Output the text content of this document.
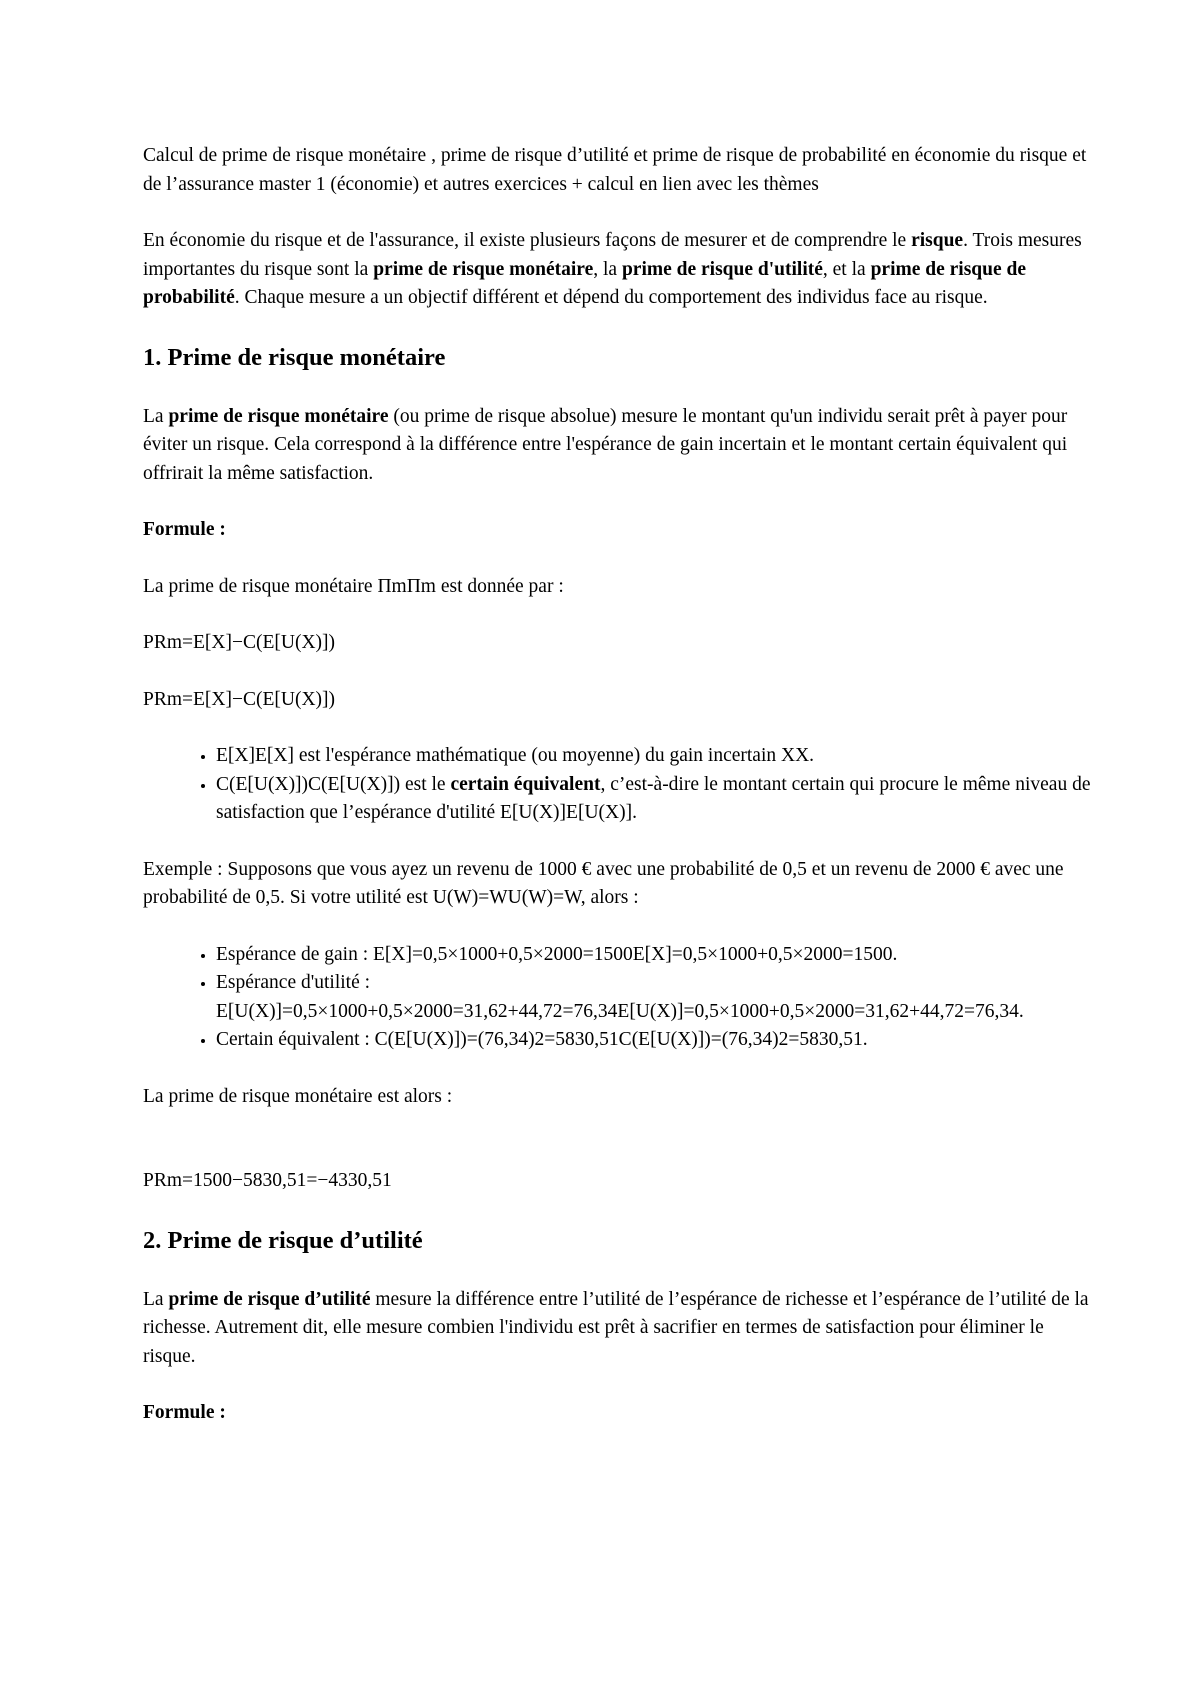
Calcul de prime de risque monétaire , prime de risque d’utilité et prime de risque de probabilité en économie du risque et de l’assurance master 1 (économie) et autres exercices + calcul en lien avec les thèmes

En économie du risque et de l'assurance, il existe plusieurs façons de mesurer et de comprendre le risque. Trois mesures importantes du risque sont la prime de risque monétaire, la prime de risque d'utilité, et la prime de risque de probabilité. Chaque mesure a un objectif différent et dépend du comportement des individus face au risque.

1. Prime de risque monétaire

La prime de risque monétaire (ou prime de risque absolue) mesure le montant qu'un individu serait prêt à payer pour éviter un risque. Cela correspond à la différence entre l'espérance de gain incertain et le montant certain équivalent qui offrirait la même satisfaction.

Formule :

La prime de risque monétaire ΠmΠm est donnée par :

PRm=E[X]−C(E[U(X)])

PRm=E[X]−C(E[U(X)])

• E[X]E[X] est l'espérance mathématique (ou moyenne) du gain incertain XX.
• C(E[U(X)])C(E[U(X)]) est le certain équivalent, c’est-à-dire le montant certain qui procure le même niveau de satisfaction que l’espérance d'utilité E[U(X)]E[U(X)].

Exemple : Supposons que vous ayez un revenu de 1000 € avec une probabilité de 0,5 et un revenu de 2000 € avec une probabilité de 0,5. Si votre utilité est U(W)=WU(W)=W, alors :

• Espérance de gain : E[X]=0,5×1000+0,5×2000=1500E[X]=0,5×1000+0,5×2000=1500.
• Espérance d'utilité : E[U(X)]=0,5×1000+0,5×2000=31,62+44,72=76,34E[U(X)]=0,5×1000+0,5×2000=31,62+44,72=76,34.
• Certain équivalent : C(E[U(X)])=(76,34)2=5830,51C(E[U(X)])=(76,34)2=5830,51.

La prime de risque monétaire est alors :

PRm=1500−5830,51=−4330,51

2. Prime de risque d’utilité

La prime de risque d’utilité mesure la différence entre l’utilité de l’espérance de richesse et l’espérance de l’utilité de la richesse. Autrement dit, elle mesure combien l'individu est prêt à sacrifier en termes de satisfaction pour éliminer le risque.

Formule :
